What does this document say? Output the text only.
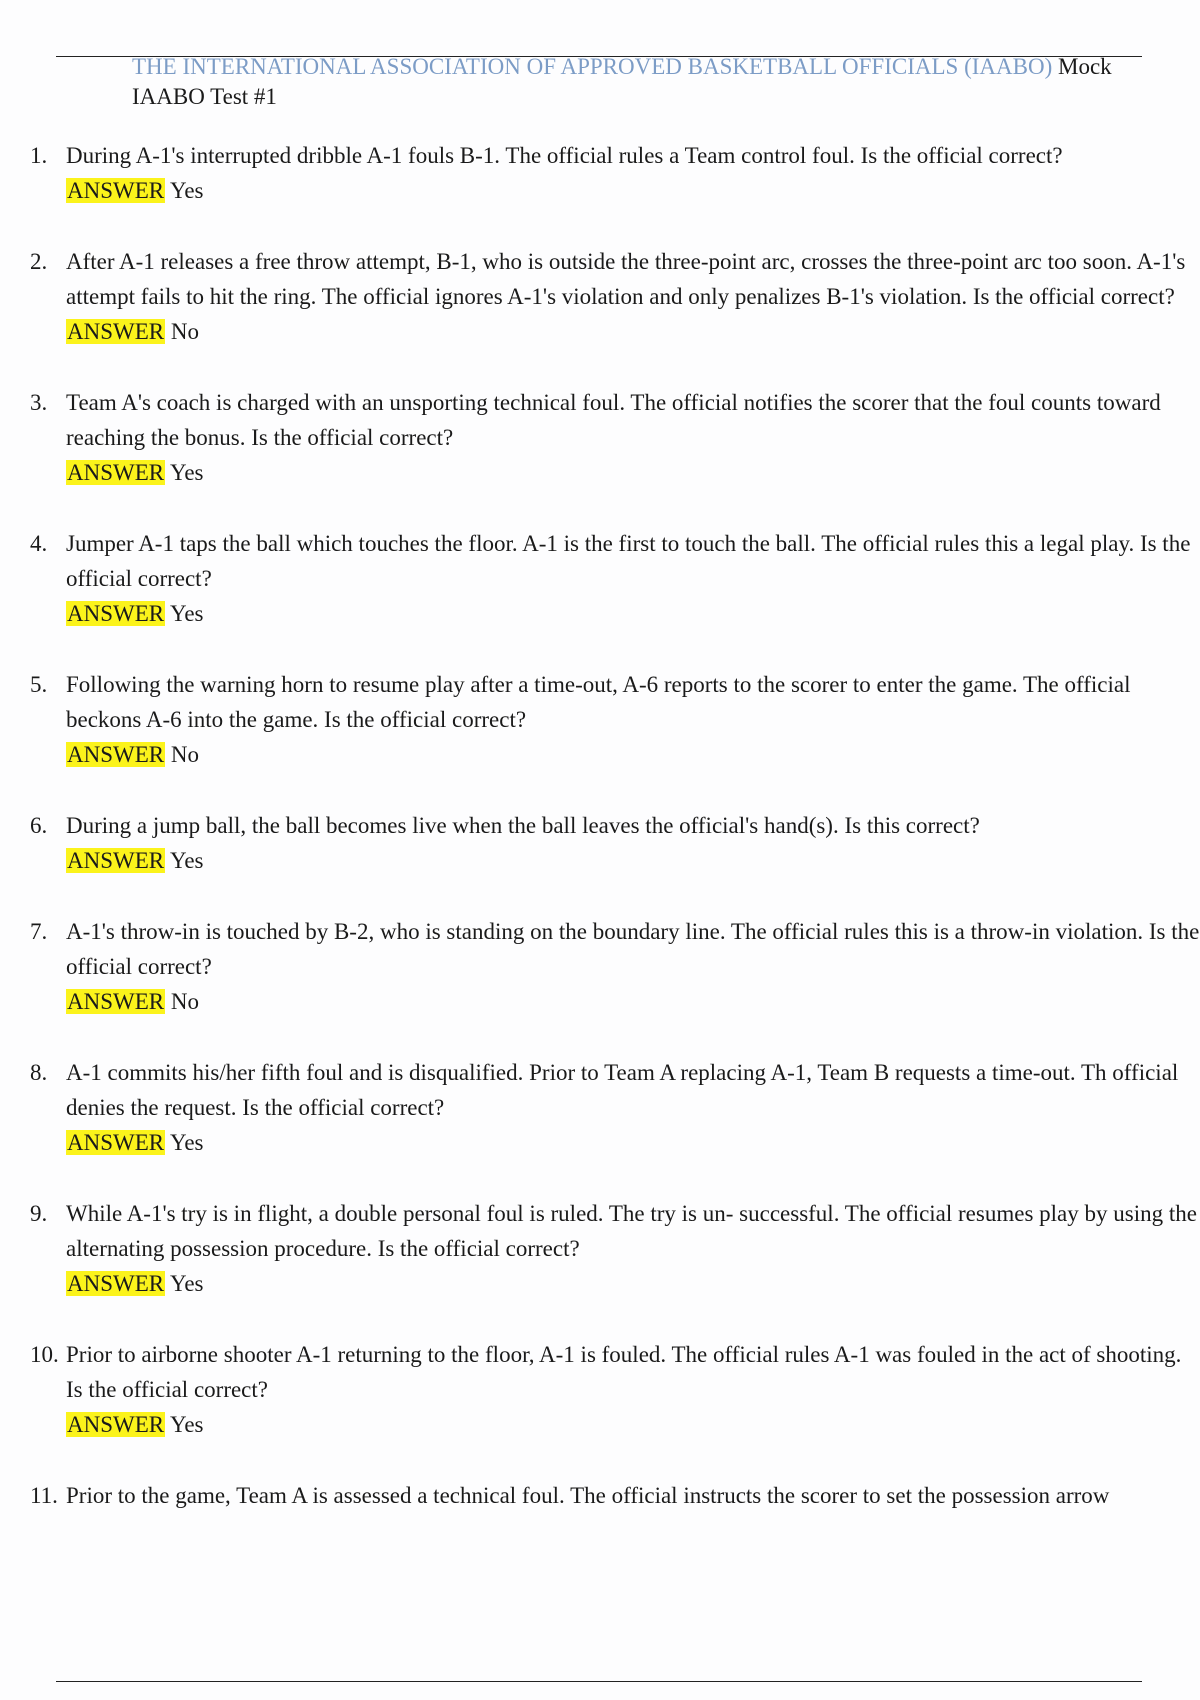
THE INTERNATIONAL ASSOCIATION OF APPROVED BASKETBALL OFFICIALS (IAABO) Mock
IAABO Test #1
1. During A-1's interrupted dribble A-1 fouls B-1. The official rules a Team control foul. Is the official correct?
ANSWER Yes
2. After A-1 releases a free throw attempt, B-1, who is outside the three-point arc, crosses the three-point arc too soon. A-1's attempt fails to hit the ring. The official ignores A-1's violation and only penalizes B-1's violation. Is the official correct?
ANSWER No
3. Team A's coach is charged with an unsporting technical foul. The official notifies the scorer that the foul counts toward reaching the bonus. Is the official correct?
ANSWER Yes
4. Jumper A-1 taps the ball which touches the floor. A-1 is the first to touch the ball. The official rules this a legal play. Is the official correct?
ANSWER Yes
5. Following the warning horn to resume play after a time-out, A-6 reports to the scorer to enter the game. The official beckons A-6 into the game. Is the official correct?
ANSWER No
6. During a jump ball, the ball becomes live when the ball leaves the official's hand(s). Is this correct?
ANSWER Yes
7. A-1's throw-in is touched by B-2, who is standing on the boundary line. The official rules this is a throw-in violation. Is the official correct?
ANSWER No
8. A-1 commits his/her fifth foul and is disqualified. Prior to Team A replacing A-1, Team B requests a time-out. Th official denies the request. Is the official correct?
ANSWER Yes
9. While A-1's try is in flight, a double personal foul is ruled. The try is un- successful. The official resumes play by using the alternating possession procedure. Is the official correct?
ANSWER Yes
10. Prior to airborne shooter A-1 returning to the floor, A-1 is fouled. The official rules A-1 was fouled in the act of shooting. Is the official correct?
ANSWER Yes
11. Prior to the game, Team A is assessed a technical foul. The official instructs the scorer to set the possession arrow
